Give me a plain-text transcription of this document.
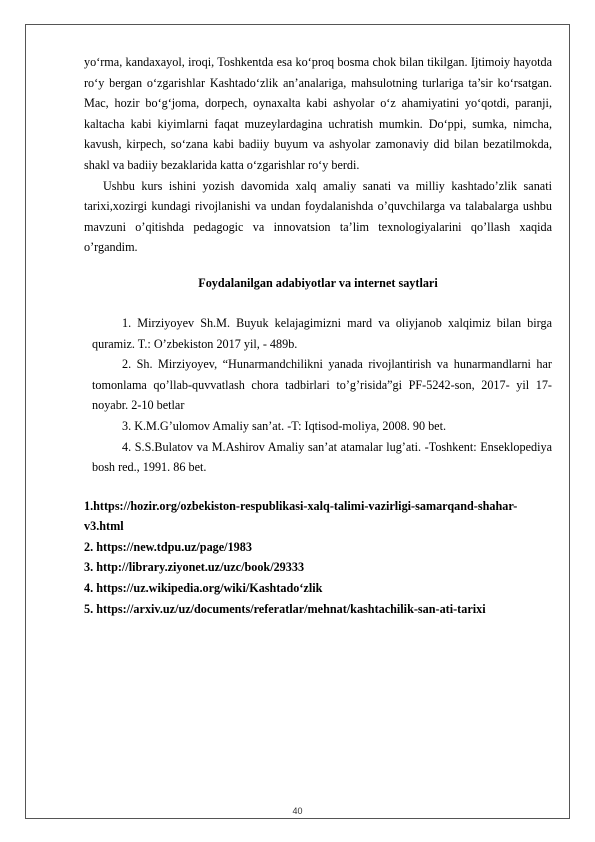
yo‘rma, kandaxayol, iroqi, Toshkentda esa ko‘proq bosma chok bilan tikilgan. Ijtimoiy hayotda ro‘y bergan o‘zgarishlar Kashtado‘zlik an’analariga, mahsulotning turlariga ta’sir ko‘rsatgan. Mac, hozir bo‘g‘joma, dorpech, oynaxalta kabi ashyolar o‘z ahamiyatini yo‘qotdi, paranji, kaltacha kabi kiyimlarni faqat muzeylardagina uchratish mumkin. Do‘ppi, sumka, nimcha, kavush, kirpech, so‘zana kabi badiiy buyum va ashyolar zamonaviy did bilan bezatilmokda, shakl va badiiy bezaklarida katta o‘zgarishlar ro‘y berdi.

Ushbu kurs ishini yozish davomida xalq amaliy sanati va milliy kashtado’zlik sanati tarixi,xozirgi kundagi rivojlanishi va undan foydalanishda o’quvchilarga va talabalarga ushbu mavzuni o’qitishda pedagogic va innovatsion ta’lim texnologiyalarini qo’llash xaqida o’rgandim.

Foydalanilgan adabiyotlar va internet saytlari

1. Mirziyoyev Sh.M. Buyuk kelajagimizni mard va oliyjanob xalqimiz bilan birga quramiz. T.: O’zbekiston 2017 yil, - 489b.

2. Sh. Mirziyoyev, “Hunarmandchilikni yanada rivojlantirish va hunarmandlarni har tomonlama qo’llab-quvvatlash chora tadbirlari to’g’risida”gi PF-5242-son, 2017- yil 17-noyabr. 2-10 betlar

3. K.M.G’ulomov Amaliy san’at. -T: Iqtisod-moliya, 2008. 90 bet.

4. S.S.Bulatov va M.Ashirov Amaliy san’at atamalar lug’ati. -Toshkent: Enseklopediya bosh red., 1991. 86 bet.

1.https://hozir.org/ozbekiston-respublikasi-xalq-talimi-vazirligi-samarqand-shahar-v3.html

2. https://new.tdpu.uz/page/1983

3. http://library.ziyonet.uz/uzc/book/29333

4. https://uz.wikipedia.org/wiki/Kashtado‘zlik

5. https://arxiv.uz/uz/documents/referatlar/mehnat/kashtachilik-san-ati-tarixi

40
